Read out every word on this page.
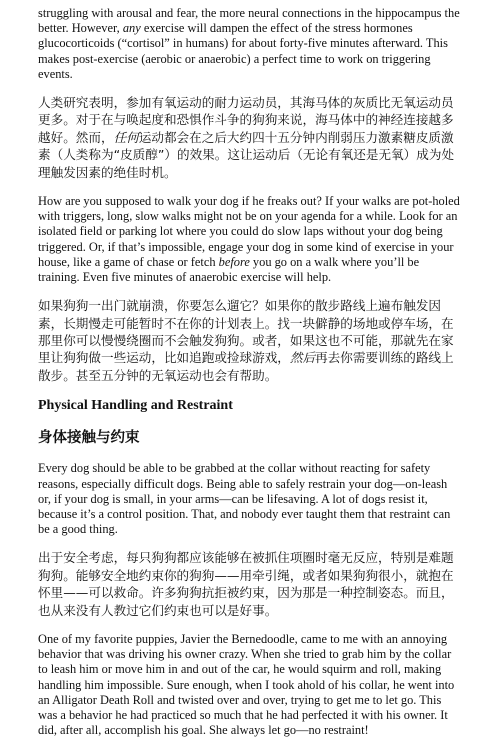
struggling with arousal and fear, the more neural connections in the hippocampus the better. However, any exercise will dampen the effect of the stress hormones glucocorticoids (“cortisol” in humans) for about forty-five minutes afterward. This makes post-exercise (aerobic or anaerobic) a perfect time to work on triggering events.

人类研究表明，参加有氧运动的耐力运动员，其海马体的灰质比无氧运动员更多。对于在与唤起度和恐惧作斗争的狗狗来说，海马体中的神经连接越多越好。然而，任何运动都会在之后大约四十五分钟内削弱压力激素糖皮质激素（人类称为“皮质醇”）的效果。这让运动后（无论有氧还是无氧）成为处理触发因素的绝佳时机。

How are you supposed to walk your dog if he freaks out? If your walks are pot-holed with triggers, long, slow walks might not be on your agenda for a while. Look for an isolated field or parking lot where you could do slow laps without your dog being triggered. Or, if that’s impossible, engage your dog in some kind of exercise in your house, like a game of chase or fetch before you go on a walk where you’ll be training. Even five minutes of anaerobic exercise will help.

如果狗狗一出门就崩溃，你要怎么遛它？如果你的散步路线上遍布触发因素，长期慢走可能暂时不在你的计划表上。找一块僻静的场地或停车场，在那里你可以慢慢绕圈而不会触发狗狗。或者，如果这也不可能，那就先在家里让狗狗做一些运动，比如追跑或捡球游戏，然后再去你需要训练的路线上散步。甚至五分钟的无氧运动也会有帮助。

Physical Handling and Restraint
身体接触与约束

Every dog should be able to be grabbed at the collar without reacting for safety reasons, especially difficult dogs. Being able to safely restrain your dog—on-leash or, if your dog is small, in your arms—can be lifesaving. A lot of dogs resist it, because it’s a control position. That, and nobody ever taught them that restraint can be a good thing.

出于安全考虑，每只狗狗都应该能够在被抓住项圈时毫无反应，特别是难题狗狗。能够安全地约束你的狗狗——用牵引绳，或者如果狗狗很小，就抱在怀里——可以救命。许多狗狗抗拒被约束，因为那是一种控制姿态。而且，也从来没有人教过它们约束也可以是好事。

One of my favorite puppies, Javier the Bernedoodle, came to me with an annoying behavior that was driving his owner crazy. When she tried to grab him by the collar to leash him or move him in and out of the car, he would squirm and roll, making handling him impossible. Sure enough, when I took ahold of his collar, he went into an Alligator Death Roll and twisted over and over, trying to get me to let go. This was a behavior he had practiced so much that he had perfected it with his owner. It did, after all, accomplish his goal. She always let go—no restraint!
